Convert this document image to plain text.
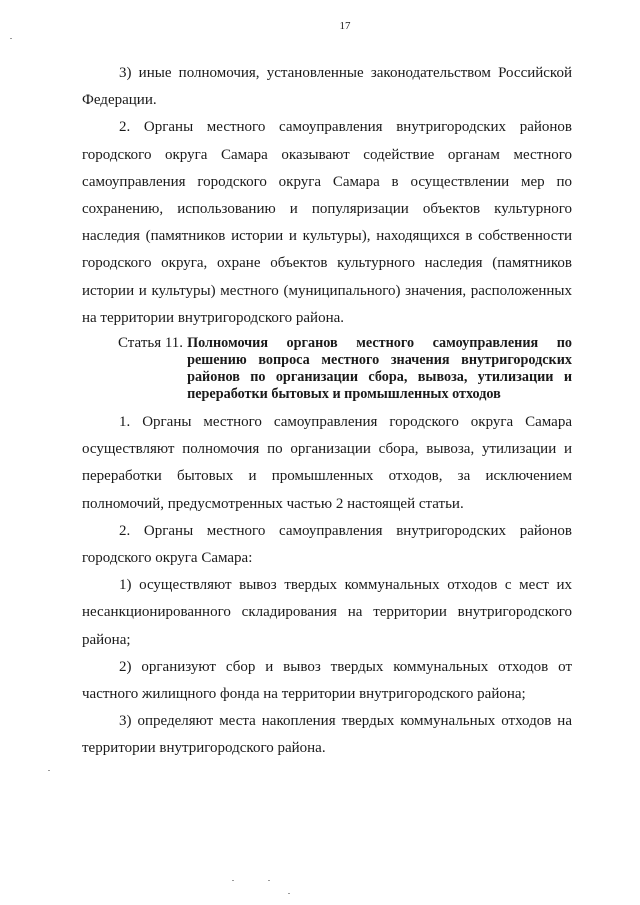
17

3) иные полномочия, установленные законодательством Российской Федерации.

2. Органы местного самоуправления внутригородских районов городского округа Самара оказывают содействие органам местного самоуправления городского округа Самара в осуществлении мер по сохранению, использованию и популяризации объектов культурного наследия (памятников истории и культуры), находящихся в собственности городского округа, охране объектов культурного наследия (памятников истории и культуры) местного (муниципального) значения, расположенных на территории внутригородского района.

Статья 11. Полномочия органов местного самоуправления по решению вопроса местного значения внутригородских районов по организации сбора, вывоза, утилизации и переработки бытовых и промышленных отходов

1. Органы местного самоуправления городского округа Самара осуществляют полномочия по организации сбора, вывоза, утилизации и переработки бытовых и промышленных отходов, за исключением полномочий, предусмотренных частью 2 настоящей статьи.

2. Органы местного самоуправления внутригородских районов городского округа Самара:

1) осуществляют вывоз твердых коммунальных отходов с мест их несанкционированного складирования на территории внутригородского района;

2) организуют сбор и вывоз твердых коммунальных отходов от частного жилищного фонда на территории внутригородского района;

3) определяют места накопления твердых коммунальных отходов на территории внутригородского района.
